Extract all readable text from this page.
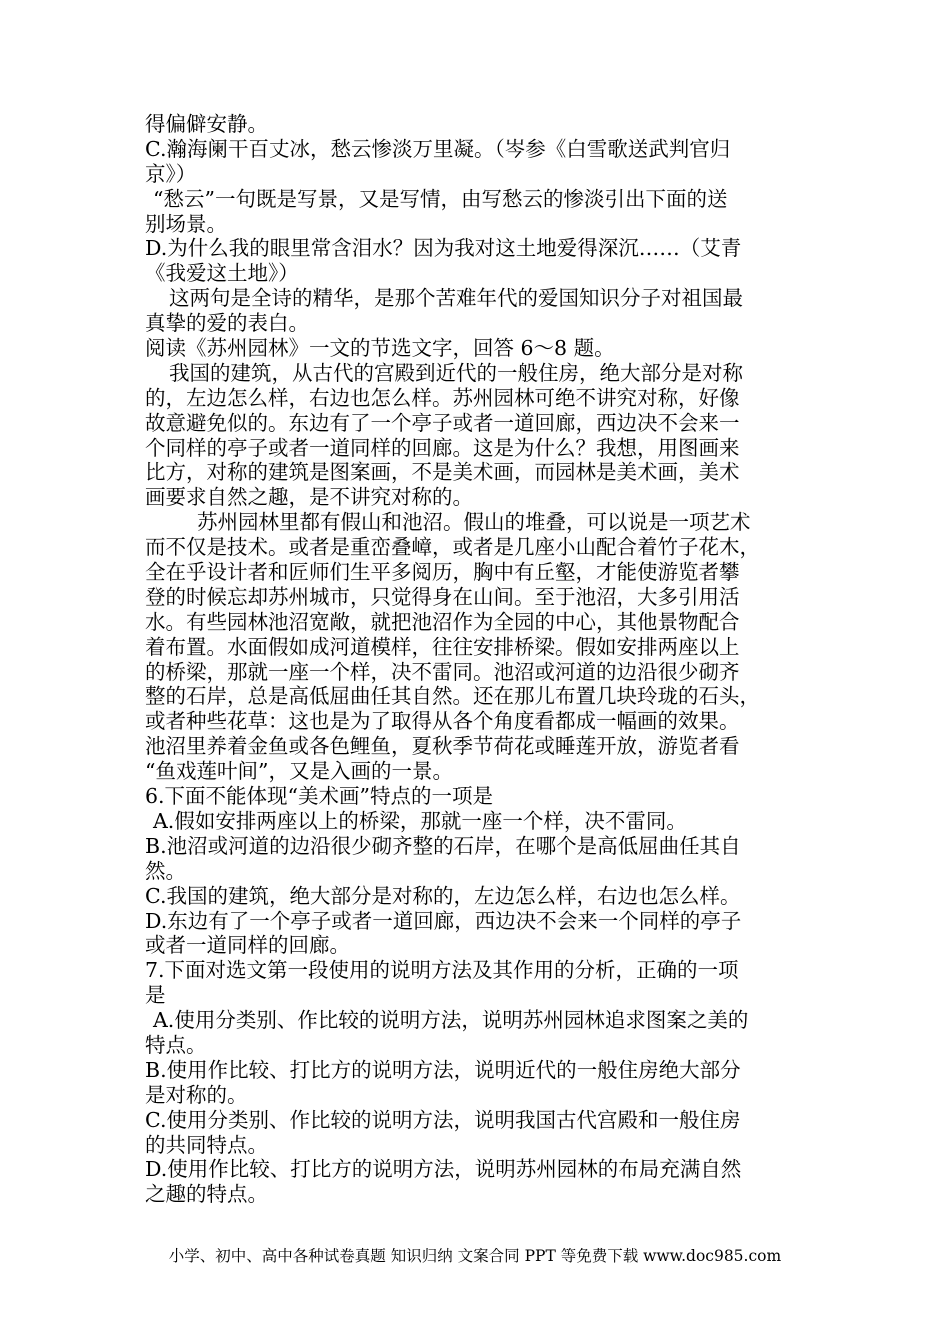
得偏僻安静。
C.瀚海阑干百丈冰，愁云惨淡万里凝。（岑参《白雪歌送武判官归
京》）
“愁云”一句既是写景，又是写情，由写愁云的惨淡引出下面的送
别场景。
D.为什么我的眼里常含泪水？因为我对这土地爱得深沉……（艾青
《我爱这土地》）
这两句是全诗的精华，是那个苦难年代的爱国知识分子对祖国最
真挚的爱的表白。
阅读《苏州园林》一文的节选文字，回答 6～8 题。
我国的建筑，从古代的宫殿到近代的一般住房，绝大部分是对称
的，左边怎么样，右边也怎么样。苏州园林可绝不讲究对称，好像
故意避免似的。东边有了一个亭子或者一道回廊，西边决不会来一
个同样的亭子或者一道同样的回廊。这是为什么？我想，用图画来
比方，对称的建筑是图案画，不是美术画，而园林是美术画，美术
画要求自然之趣，是不讲究对称的。
苏州园林里都有假山和池沼。假山的堆叠，可以说是一项艺术
而不仅是技术。或者是重峦叠嶂，或者是几座小山配合着竹子花木，
全在乎设计者和匠师们生平多阅历，胸中有丘壑，才能使游览者攀
登的时候忘却苏州城市，只觉得身在山间。至于池沼，大多引用活
水。有些园林池沼宽敞，就把池沼作为全园的中心，其他景物配合
着布置。水面假如成河道模样，往往安排桥梁。假如安排两座以上
的桥梁，那就一座一个样，决不雷同。池沼或河道的边沿很少砌齐
整的石岸，总是高低屈曲任其自然。还在那儿布置几块玲珑的石头，
或者种些花草：这也是为了取得从各个角度看都成一幅画的效果。
池沼里养着金鱼或各色鲤鱼，夏秋季节荷花或睡莲开放，游览者看
“鱼戏莲叶间”，又是入画的一景。
6.下面不能体现“美术画”特点的一项是
A.假如安排两座以上的桥梁，那就一座一个样，决不雷同。
B.池沼或河道的边沿很少砌齐整的石岸，在哪个是高低屈曲任其自
然。
C.我国的建筑，绝大部分是对称的，左边怎么样，右边也怎么样。
D.东边有了一个亭子或者一道回廊，西边决不会来一个同样的亭子
或者一道同样的回廊。
7.下面对选文第一段使用的说明方法及其作用的分析，正确的一项
是
A.使用分类别、作比较的说明方法，说明苏州园林追求图案之美的
特点。
B.使用作比较、打比方的说明方法，说明近代的一般住房绝大部分
是对称的。
C.使用分类别、作比较的说明方法，说明我国古代宫殿和一般住房
的共同特点。
D.使用作比较、打比方的说明方法，说明苏州园林的布局充满自然
之趣的特点。
小学、初中、高中各种试卷真题 知识归纳 文案合同 PPT 等免费下载 www.doc985.com
